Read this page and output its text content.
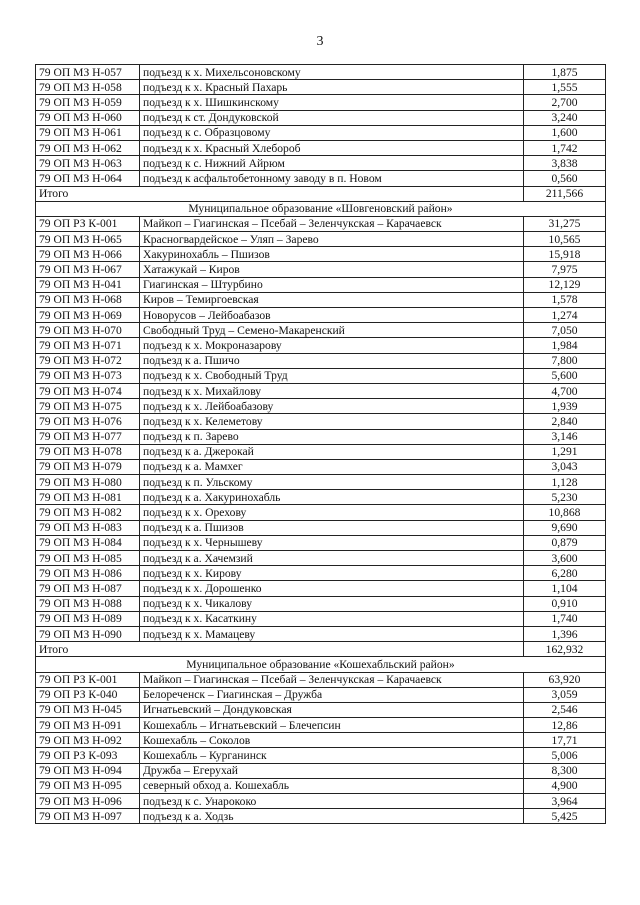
3
79 ОП МЗ Н-057	подъезд к х. Михельсоновскому	1,875
79 ОП МЗ Н-058	подъезд к х. Красный Пахарь	1,555
79 ОП МЗ Н-059	подъезд к х. Шишкинскому	2,700
79 ОП МЗ Н-060	подъезд к ст. Дондуковской	3,240
79 ОП МЗ Н-061	подъезд к с. Образцовому	1,600
79 ОП МЗ Н-062	подъезд к х. Красный Хлебороб	1,742
79 ОП МЗ Н-063	подъезд к с. Нижний Айрюм	3,838
79 ОП МЗ Н-064	подъезд к асфальтобетонному заводу в п. Новом	0,560
Итого		211,566
Муниципальное образование «Шовгеновский район»		
79 ОП РЗ К-001	Майкоп – Гиагинская – Псебай – Зеленчукская – Карачаевск	31,275
79 ОП МЗ Н-065	Красногвардейское – Уляп – Зарево	10,565
79 ОП МЗ Н-066	Хакуринохабль – Пшизов	15,918
79 ОП МЗ Н-067	Хатажукай – Киров	7,975
79 ОП МЗ Н-041	Гиагинская – Штурбино	12,129
79 ОП МЗ Н-068	Киров – Темиргоевская	1,578
79 ОП МЗ Н-069	Новорусов – Лейбоабазов	1,274
79 ОП МЗ Н-070	Свободный Труд – Семено-Макаренский	7,050
79 ОП МЗ Н-071	подъезд к х. Мокроназарову	1,984
79 ОП МЗ Н-072	подъезд к а. Пшичо	7,800
79 ОП МЗ Н-073	подъезд к х. Свободный Труд	5,600
79 ОП МЗ Н-074	подъезд к х. Михайлову	4,700
79 ОП МЗ Н-075	подъезд к х. Лейбоабазову	1,939
79 ОП МЗ Н-076	подъезд к х. Келеметову	2,840
79 ОП МЗ Н-077	подъезд к п. Зарево	3,146
79 ОП МЗ Н-078	подъезд к а. Джерокай	1,291
79 ОП МЗ Н-079	подъезд к а. Мамхег	3,043
79 ОП МЗ Н-080	подъезд к п. Ульскому	1,128
79 ОП МЗ Н-081	подъезд к а. Хакуринохабль	5,230
79 ОП МЗ Н-082	подъезд к х. Орехову	10,868
79 ОП МЗ Н-083	подъезд к а. Пшизов	9,690
79 ОП МЗ Н-084	подъезд к х. Чернышеву	0,879
79 ОП МЗ Н-085	подъезд к а. Хачемзий	3,600
79 ОП МЗ Н-086	подъезд к х. Кирову	6,280
79 ОП МЗ Н-087	подъезд к х. Дорошенко	1,104
79 ОП МЗ Н-088	подъезд к х. Чикалову	0,910
79 ОП МЗ Н-089	подъезд к х. Касаткину	1,740
79 ОП МЗ Н-090	подъезд к х. Мамацеву	1,396
Итого		162,932
Муниципальное образование «Кошехабльский район»		
79 ОП РЗ К-001	Майкоп – Гиагинская – Псебай – Зеленчукская – Карачаевск	63,920
79 ОП РЗ К-040	Белореченск – Гиагинская – Дружба	3,059
79 ОП МЗ Н-045	Игнатьевский – Дондуковская	2,546
79 ОП МЗ Н-091	Кошехабль – Игнатьевский – Блечепсин	12,86
79 ОП МЗ Н-092	Кошехабль – Соколов	17,71
79 ОП РЗ К-093	Кошехабль – Курганинск	5,006
79 ОП МЗ Н-094	Дружба – Егерухай	8,300
79 ОП МЗ Н-095	северный обход а. Кошехабль	4,900
79 ОП МЗ Н-096	подъезд к с. Унарококо	3,964
79 ОП МЗ Н-097	подъезд к а. Ходзь	5,425
